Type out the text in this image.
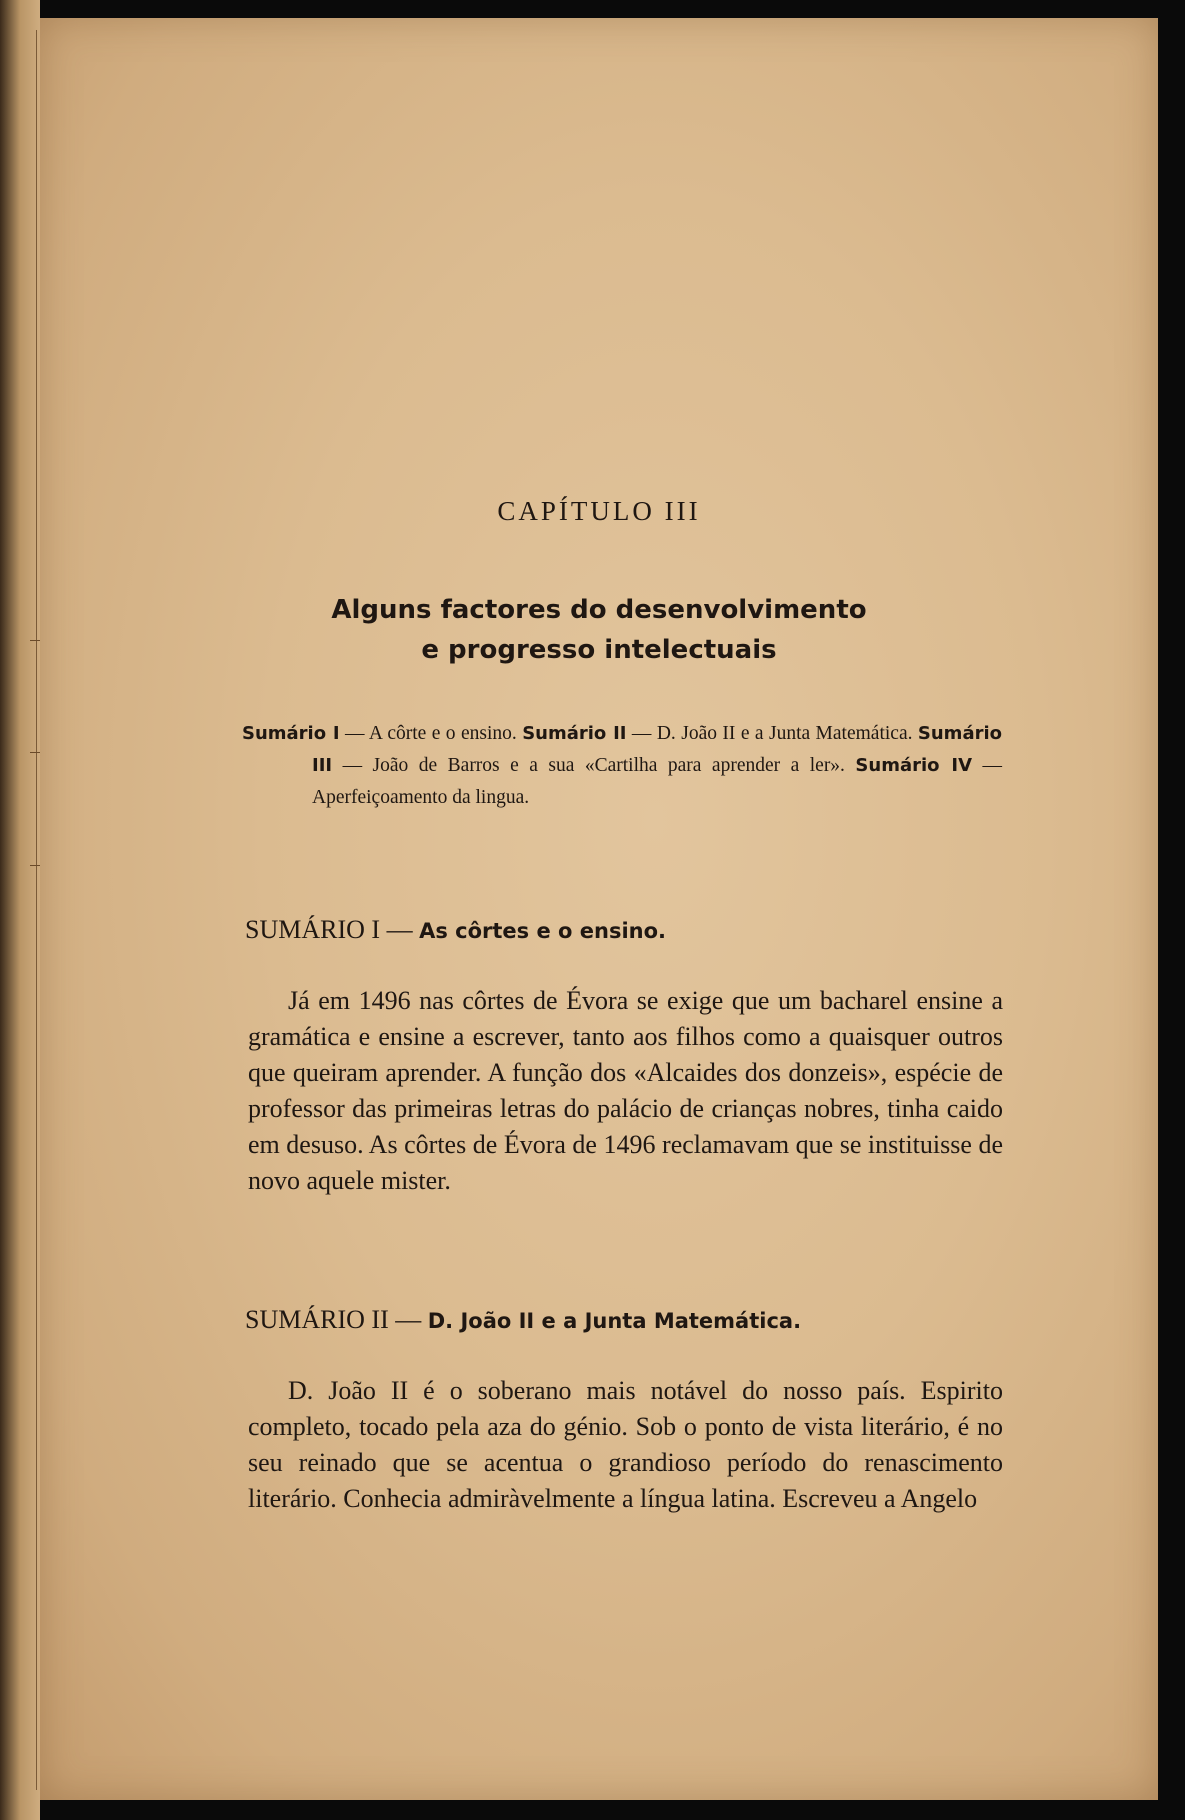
CAPÍTULO III
Alguns factores do desenvolvimento
e progresso intelectuais
Sumário I — A côrte e o ensino. Sumário II — D. João II e a Junta Matemática. Sumário III — João de Barros e a sua «Cartilha para aprender a ler». Sumário IV — Aperfeiçoamento da lingua.
SUMÁRIO I — As côrtes e o ensino.
Já em 1496 nas côrtes de Évora se exige que um bacharel ensine a gramática e ensine a escrever, tanto aos filhos como a quaisquer outros que queiram aprender. A função dos «Alcaides dos donzeis», espécie de professor das primeiras letras do palácio de crianças nobres, tinha caido em desuso. As côrtes de Évora de 1496 reclamavam que se instituisse de novo aquele mister.
SUMÁRIO II — D. João II e a Junta Matemática.
D. João II é o soberano mais notável do nosso país. Espirito completo, tocado pela aza do génio. Sob o ponto de vista literário, é no seu reinado que se acentua o grandioso período do renascimento literário. Conhecia admiràvelmente a língua latina. Escreveu a Angelo
